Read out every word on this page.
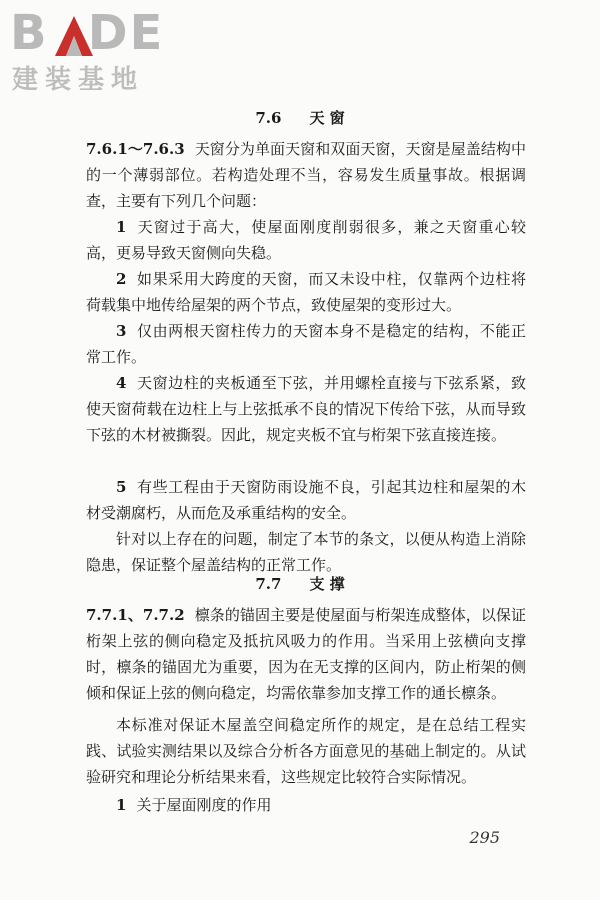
B DE
建装基地
7.6 天 窗
7.6.1～7.6.3 天窗分为单面天窗和双面天窗，天窗是屋盖结构中的一个薄弱部位。若构造处理不当，容易发生质量事故。根据调查，主要有下列几个问题：
1 天窗过于高大，使屋面刚度削弱很多，兼之天窗重心较高，更易导致天窗侧向失稳。
2 如果采用大跨度的天窗，而又未设中柱，仅靠两个边柱将荷载集中地传给屋架的两个节点，致使屋架的变形过大。
3 仅由两根天窗柱传力的天窗本身不是稳定的结构，不能正常工作。
4 天窗边柱的夹板通至下弦，并用螺栓直接与下弦系紧，致使天窗荷载在边柱上与上弦抵承不良的情况下传给下弦，从而导致下弦的木材被撕裂。因此，规定夹板不宜与桁架下弦直接连接。
5 有些工程由于天窗防雨设施不良，引起其边柱和屋架的木材受潮腐朽，从而危及承重结构的安全。
针对以上存在的问题，制定了本节的条文，以便从构造上消除隐患，保证整个屋盖结构的正常工作。
7.7 支 撑
7.7.1、7.7.2 檩条的锚固主要是使屋面与桁架连成整体，以保证桁架上弦的侧向稳定及抵抗风吸力的作用。当采用上弦横向支撑时，檩条的锚固尤为重要，因为在无支撑的区间内，防止桁架的侧倾和保证上弦的侧向稳定，均需依靠参加支撑工作的通长檩条。
本标准对保证木屋盖空间稳定所作的规定，是在总结工程实践、试验实测结果以及综合分析各方面意见的基础上制定的。从试验研究和理论分析结果来看，这些规定比较符合实际情况。
1 关于屋面刚度的作用
295
